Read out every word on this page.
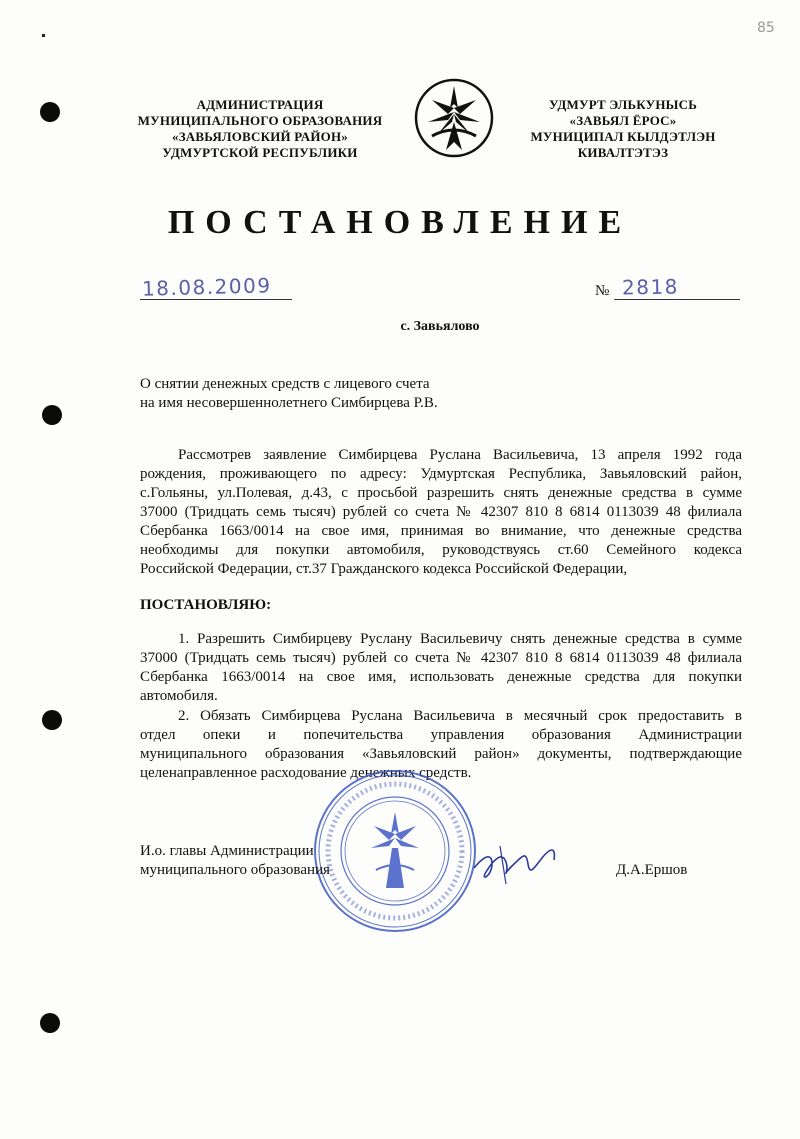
85
АДМИНИСТРАЦИЯ
МУНИЦИПАЛЬНОГО ОБРАЗОВАНИЯ
«ЗАВЬЯЛОВСКИЙ РАЙОН»
УДМУРТСКОЙ РЕСПУБЛИКИ
УДМУРТ ЭЛЬКУНЫСЬ
«ЗАВЬЯЛ ЁРОС»
МУНИЦИПАЛ КЫЛДЭТЛЭН
КИВАЛТЭТЭЗ
ПОСТАНОВЛЕНИЕ
18.08.2009	№ 2818
с. Завьялово
О снятии денежных средств с лицевого счета
на имя несовершеннолетнего Симбирцева Р.В.
Рассмотрев заявление Симбирцева Руслана Васильевича, 13 апреля 1992 года
рождения, проживающего по адресу: Удмуртская Республика, Завьяловский район,
с.Гольяны, ул.Полевая, д.43, с просьбой разрешить снять денежные средства в сумме
37000 (Тридцать семь тысяч) рублей со счета № 42307 810 8 6814 0113039 48 филиала
Сбербанка 1663/0014 на свое имя, принимая во внимание, что денежные средства
необходимы для покупки автомобиля, руководствуясь ст.60 Семейного кодекса
Российской Федерации, ст.37 Гражданского кодекса Российской Федерации,
ПОСТАНОВЛЯЮ:
1. Разрешить Симбирцеву Руслану Васильевичу снять денежные средства в сумме
37000 (Тридцать семь тысяч) рублей со счета № 42307 810 8 6814 0113039 48 филиала
Сбербанка 1663/0014 на свое имя, использовать денежные средства для покупки
автомобиля.
2. Обязать Симбирцева Руслана Васильевича в месячный срок предоставить в
отдел опеки и попечительства управления образования Администрации
муниципального образования «Завьяловский район» документы, подтверждающие
целенаправленное расходование денежных средств.
И.о. главы Администрации
муниципального образования	Д.А.Ершов
